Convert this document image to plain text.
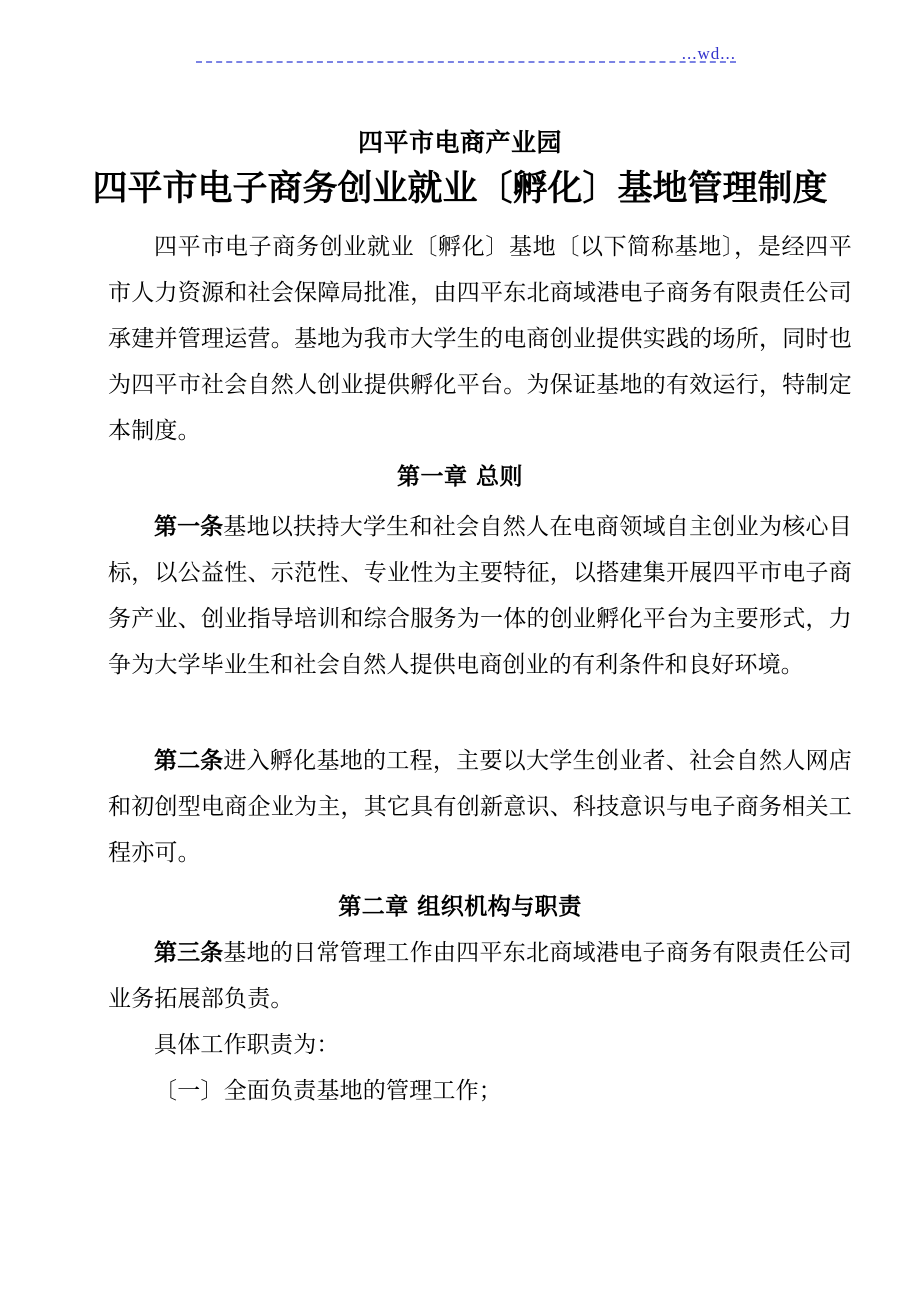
...wd...
四平市电商产业园
四平市电子商务创业就业〔孵化〕基地管理制度

四平市电子商务创业就业〔孵化〕基地〔以下简称基地〕，是经四平市人力资源和社会保障局批准，由四平东北商域港电子商务有限责任公司承建并管理运营。基地为我市大学生的电商创业提供实践的场所，同时也为四平市社会自然人创业提供孵化平台。为保证基地的有效运行，特制定本制度。

第一章 总则

第一条基地以扶持大学生和社会自然人在电商领域自主创业为核心目标，以公益性、示范性、专业性为主要特征，以搭建集开展四平市电子商务产业、创业指导培训和综合服务为一体的创业孵化平台为主要形式，力争为大学毕业生和社会自然人提供电商创业的有利条件和良好环境。

第二条进入孵化基地的工程，主要以大学生创业者、社会自然人网店和初创型电商企业为主，其它具有创新意识、科技意识与电子商务相关工程亦可。

第二章 组织机构与职责

第三条基地的日常管理工作由四平东北商域港电子商务有限责任公司业务拓展部负责。

具体工作职责为：

〔一〕全面负责基地的管理工作；
